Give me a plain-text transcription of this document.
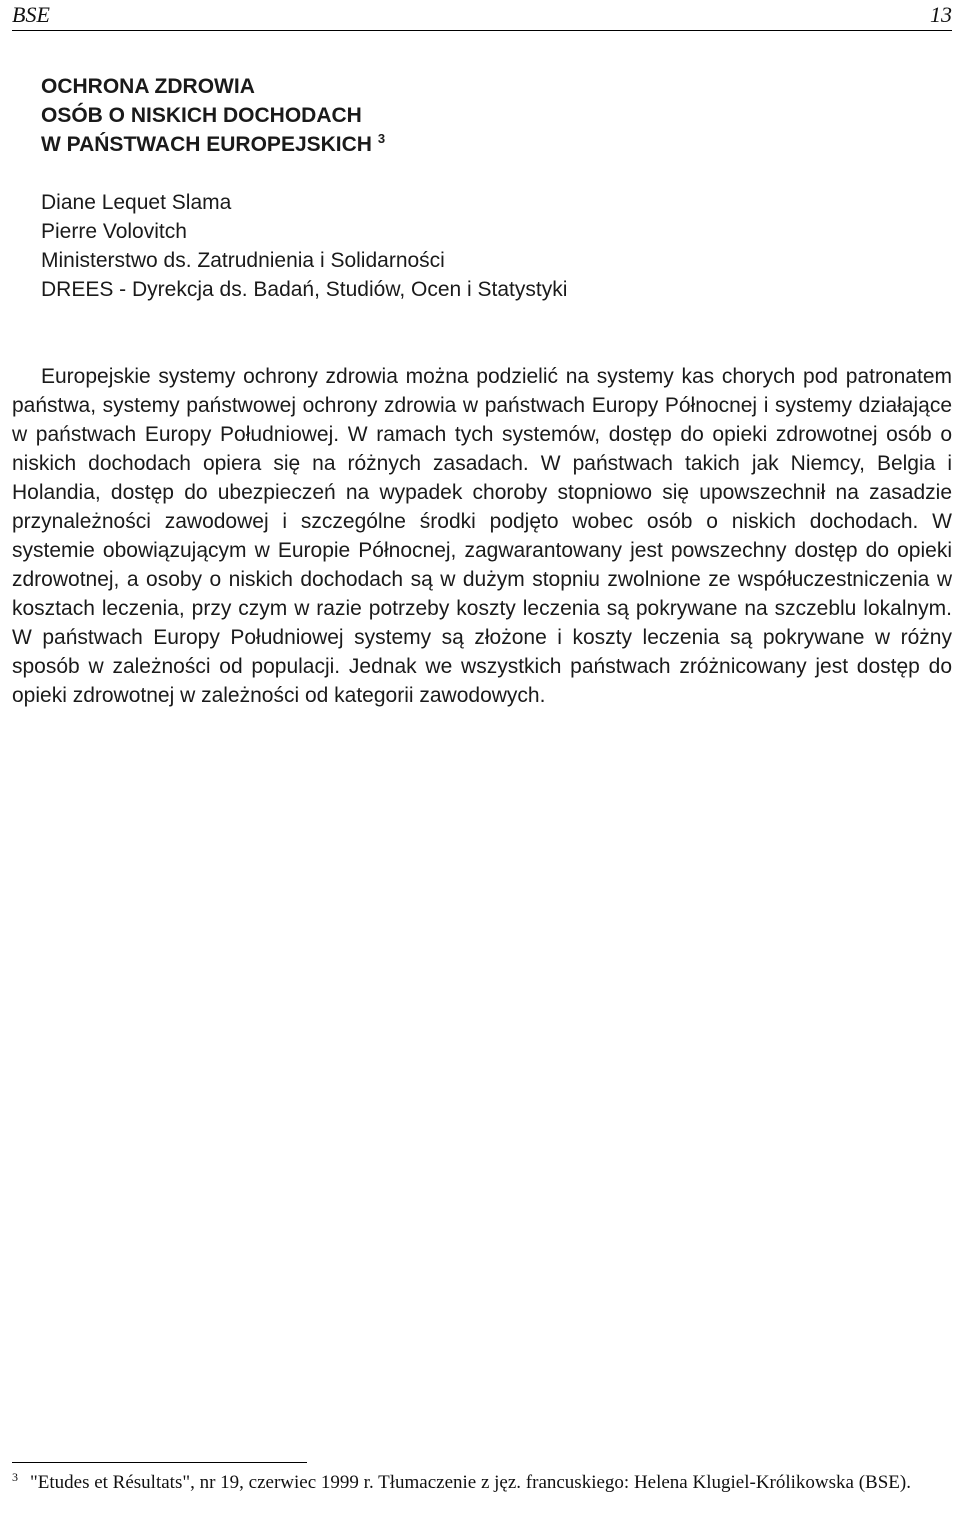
BSE	13
OCHRONA ZDROWIA
OSÓB O NISKICH DOCHODACH
W PAŃSTWACH EUROPEJSKICH $^3$
Diane Lequet Slama
Pierre Volovitch
Ministerstwo ds. Zatrudnienia i Solidarności
DREES - Dyrekcja ds. Badań, Studiów, Ocen i Statystyki

Europejskie systemy ochrony zdrowia można podzielić na systemy kas chorych pod patronatem państwa, systemy państwowej ochrony zdrowia w państwach Europy Północnej i systemy działające w państwach Europy Południowej. W ramach tych systemów, dostęp do opieki zdrowotnej osób o niskich dochodach opiera się na różnych zasadach. W państwach takich jak Niemcy, Belgia i Holandia, dostęp do ubezpieczeń na wypadek choroby stopniowo się upowszechnił na zasadzie przynależności zawodowej i szczególne środki podjęto wobec osób o niskich dochodach. W systemie obowiązującym w Europie Północnej, zagwarantowany jest powszechny dostęp do opieki zdrowotnej, a osoby o niskich dochodach są w dużym stopniu zwolnione ze współuczestniczenia w kosztach leczenia, przy czym w razie potrzeby koszty leczenia są pokrywane na szczeblu lokalnym. W państwach Europy Południowej systemy są złożone i koszty leczenia są pokrywane w różny sposób w zależności od populacji. Jednak we wszystkich państwach zróżnicowany jest dostęp do opieki zdrowotnej w zależności od kategorii zawodowych.

3 "Etudes et Résultats", nr 19, czerwiec 1999 r. Tłumaczenie z jęz. francuskiego: Helena Klugiel-Królikowska (BSE).
